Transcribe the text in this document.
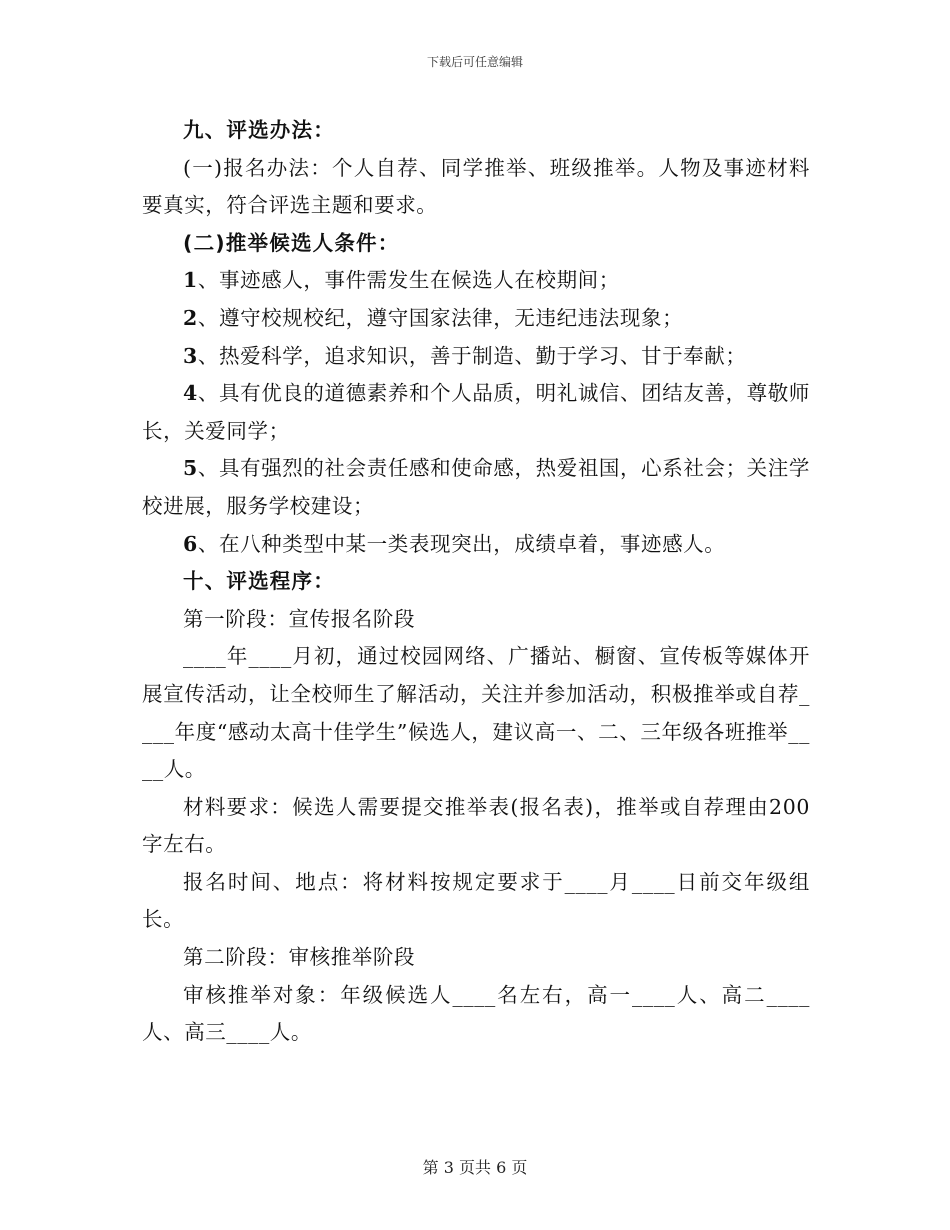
下载后可任意编辑

九、评选办法：

(一)报名办法：个人自荐、同学推举、班级推举。人物及事迹材料要真实，符合评选主题和要求。

(二)推举候选人条件：

1、事迹感人，事件需发生在候选人在校期间；

2、遵守校规校纪，遵守国家法律，无违纪违法现象；

3、热爱科学，追求知识，善于制造、勤于学习、甘于奉献；

4、具有优良的道德素养和个人品质，明礼诚信、团结友善，尊敬师长，关爱同学；

5、具有强烈的社会责任感和使命感，热爱祖国，心系社会；关注学校进展，服务学校建设；

6、在八种类型中某一类表现突出，成绩卓着，事迹感人。

十、评选程序：

第一阶段：宣传报名阶段

____年____月初，通过校园网络、广播站、橱窗、宣传板等媒体开展宣传活动，让全校师生了解活动，关注并参加活动，积极推举或自荐____年度“感动太高十佳学生”候选人，建议高一、二、三年级各班推举____人。

材料要求：候选人需要提交推举表(报名表)，推举或自荐理由200字左右。

报名时间、地点：将材料按规定要求于____月____日前交年级组长。

第二阶段：审核推举阶段

审核推举对象：年级候选人____名左右，高一____人、高二____人、高三____人。

第 3 页共 6 页
